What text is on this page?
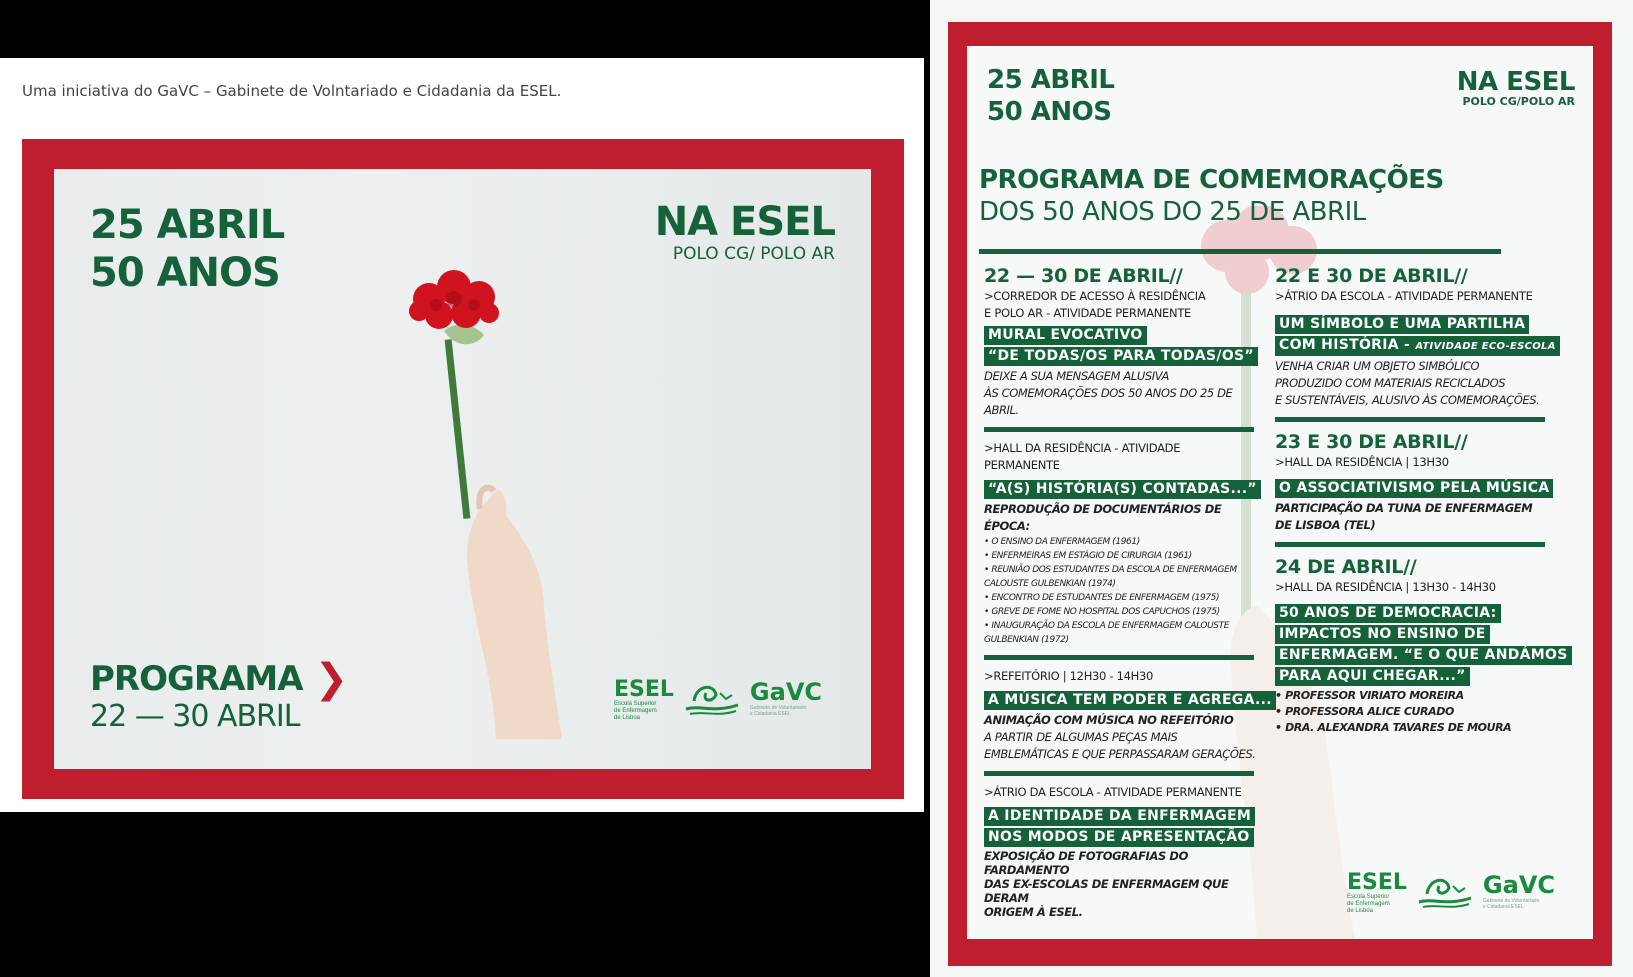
Uma iniciativa do GaVC – Gabinete de Volntariado e Cidadania da ESEL.

25 ABRIL
50 ANOS
NA ESEL
POLO CG/ POLO AR
PROGRAMA ❯
22 — 30 ABRIL
ESEL
Escola Superior
de Enfermagem
de Lisboa
GaVC
Gabinete de Voluntariado
e Cidadania ESEL
25 ABRIL
50 ANOS
NA ESEL
POLO CG/POLO AR
PROGRAMA DE COMEMORAÇÕES
DOS 50 ANOS DO 25 DE ABRIL
22 — 30 DE ABRIL//
>CORREDOR DE ACESSO À RESIDÊNCIA E POLO AR - ATIVIDADE PERMANENTE
MURAL EVOCATIVO
“DE TODAS/OS PARA TODAS/OS”
DEIXE A SUA MENSAGEM ALUSIVA
ÀS COMEMORAÇÕES DOS 50 ANOS DO 25 DE ABRIL.
>HALL DA RESIDÊNCIA - ATIVIDADE PERMANENTE
“A(S) HISTÓRIA(S) CONTADAS...”
REPRODUÇÃO DE DOCUMENTÁRIOS DE ÉPOCA:
• O ENSINO DA ENFERMAGEM (1961)
• ENFERMEIRAS EM ESTÁGIO DE CIRURGIA (1961)
• REUNIÃO DOS ESTUDANTES DA ESCOLA DE ENFERMAGEM CALOUSTE GULBENKIAN (1974)
• ENCONTRO DE ESTUDANTES DE ENFERMAGEM (1975)
• GREVE DE FOME NO HOSPITAL DOS CAPUCHOS (1975)
• INAUGURAÇÃO DA ESCOLA DE ENFERMAGEM CALOUSTE GULBENKIAN (1972)
>REFEITÓRIO | 12H30 - 14H30
A MÚSICA TEM PODER E AGREGA...
ANIMAÇÃO COM MÚSICA NO REFEITÓRIO
A PARTIR DE ALGUMAS PEÇAS MAIS
EMBLEMÁTICAS E QUE PERPASSARAM GERAÇÕES.
>ÁTRIO DA ESCOLA - ATIVIDADE PERMANENTE
A IDENTIDADE DA ENFERMAGEM
NOS MODOS DE APRESENTAÇÃO
EXPOSIÇÃO DE FOTOGRAFIAS DO FARDAMENTO
DAS EX-ESCOLAS DE ENFERMAGEM QUE DERAM
ORIGEM À ESEL.
22 E 30 DE ABRIL//
>ÁTRIO DA ESCOLA - ATIVIDADE PERMANENTE
UM SÍMBOLO E UMA PARTILHA
COM HISTÓRIA - ATIVIDADE ECO-ESCOLA
VENHA CRIAR UM OBJETO SIMBÓLICO
PRODUZIDO COM MATERIAIS RECICLADOS
E SUSTENTÁVEIS, ALUSIVO ÀS COMEMORAÇÕES.
23 E 30 DE ABRIL//
>HALL DA RESIDÊNCIA | 13H30
O ASSOCIATIVISMO PELA MÚSICA
PARTICIPAÇÃO DA TUNA DE ENFERMAGEM
DE LISBOA (TEL)
24 DE ABRIL//
>HALL DA RESIDÊNCIA | 13H30 - 14H30
50 ANOS DE DEMOCRACIA:
IMPACTOS NO ENSINO DE
ENFERMAGEM. “E O QUE ANDÁMOS
PARA AQUI CHEGAR...”
• PROFESSOR VIRIATO MOREIRA
• PROFESSORA ALICE CURADO
• DRA. ALEXANDRA TAVARES DE MOURA
ESEL
Escola Superior
de Enfermagem
de Lisboa
GaVC
Gabinete de Voluntariado
e Cidadania ESEL
